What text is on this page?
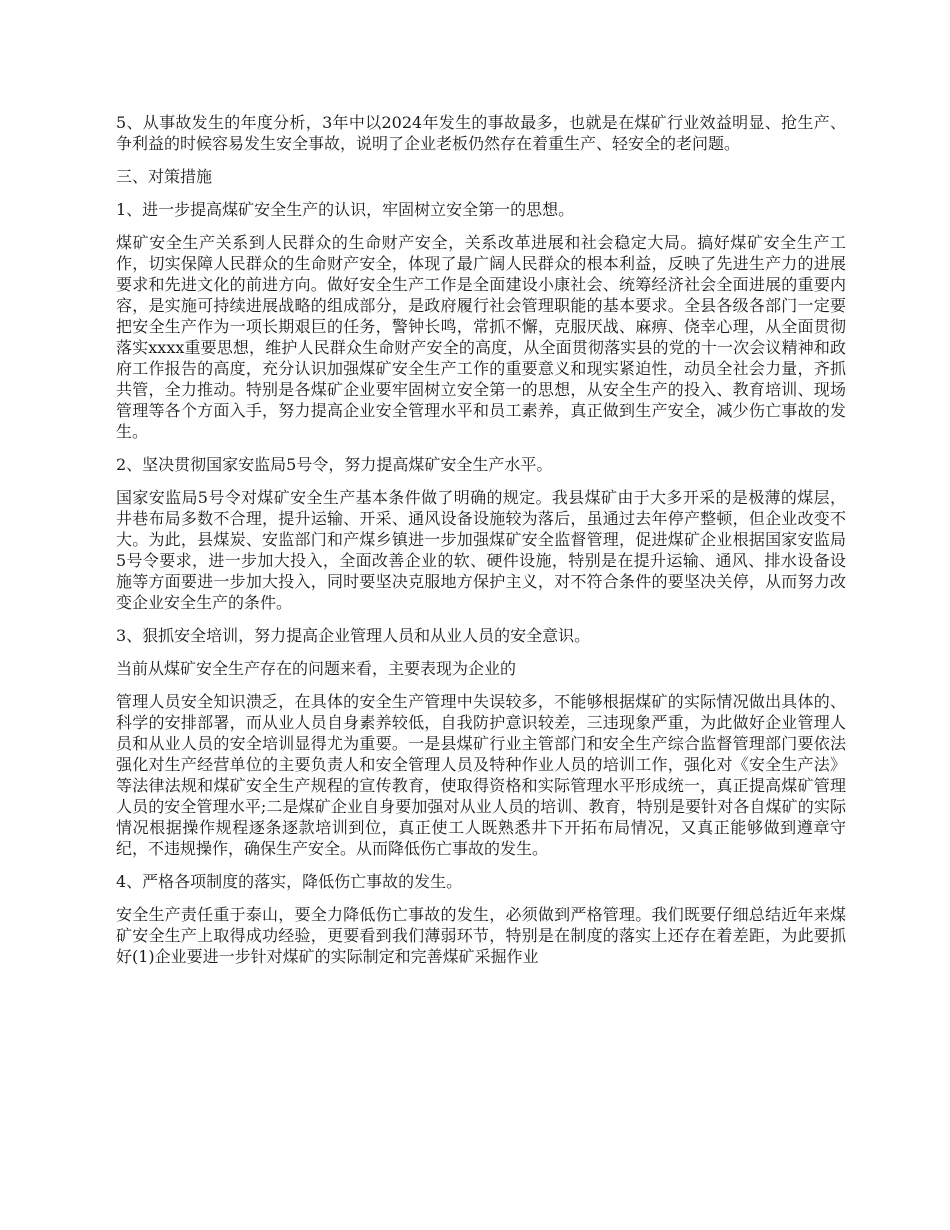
5、从事故发生的年度分析，3年中以2024年发生的事故最多，也就是在煤矿行业效益明显、抢生产、争利益的时候容易发生安全事故，说明了企业老板仍然存在着重生产、轻安全的老问题。

三、对策措施

1、进一步提高煤矿安全生产的认识，牢固树立安全第一的思想。

煤矿安全生产关系到人民群众的生命财产安全，关系改革进展和社会稳定大局。搞好煤矿安全生产工作，切实保障人民群众的生命财产安全，体现了最广阔人民群众的根本利益，反映了先进生产力的进展要求和先进文化的前进方向。做好安全生产工作是全面建设小康社会、统筹经济社会全面进展的重要内容，是实施可持续进展战略的组成部分，是政府履行社会管理职能的基本要求。全县各级各部门一定要把安全生产作为一项长期艰巨的任务，警钟长鸣，常抓不懈，克服厌战、麻痹、侥幸心理，从全面贯彻落实xxxx重要思想，维护人民群众生命财产安全的高度，从全面贯彻落实县的党的十一次会议精神和政府工作报告的高度，充分认识加强煤矿安全生产工作的重要意义和现实紧迫性，动员全社会力量，齐抓共管，全力推动。特别是各煤矿企业要牢固树立安全第一的思想，从安全生产的投入、教育培训、现场管理等各个方面入手，努力提高企业安全管理水平和员工素养，真正做到生产安全，减少伤亡事故的发生。

2、坚决贯彻国家安监局5号令，努力提高煤矿安全生产水平。

国家安监局5号令对煤矿安全生产基本条件做了明确的规定。我县煤矿由于大多开采的是极薄的煤层，井巷布局多数不合理，提升运输、开采、通风设备设施较为落后，虽通过去年停产整顿，但企业改变不大。为此，县煤炭、安监部门和产煤乡镇进一步加强煤矿安全监督管理，促进煤矿企业根据国家安监局5号令要求，进一步加大投入，全面改善企业的软、硬件设施，特别是在提升运输、通风、排水设备设施等方面要进一步加大投入，同时要坚决克服地方保护主义，对不符合条件的要坚决关停，从而努力改变企业安全生产的条件。

3、狠抓安全培训，努力提高企业管理人员和从业人员的安全意识。

当前从煤矿安全生产存在的问题来看，主要表现为企业的

管理人员安全知识溃乏，在具体的安全生产管理中失误较多，不能够根据煤矿的实际情况做出具体的、科学的安排部署，而从业人员自身素养较低，自我防护意识较差，三违现象严重，为此做好企业管理人员和从业人员的安全培训显得尤为重要。一是县煤矿行业主管部门和安全生产综合监督管理部门要依法强化对生产经营单位的主要负责人和安全管理人员及特种作业人员的培训工作，强化对《安全生产法》等法律法规和煤矿安全生产规程的宣传教育，使取得资格和实际管理水平形成统一，真正提高煤矿管理人员的安全管理水平;二是煤矿企业自身要加强对从业人员的培训、教育，特别是要针对各自煤矿的实际情况根据操作规程逐条逐款培训到位，真正使工人既熟悉井下开拓布局情况，又真正能够做到遵章守纪，不违规操作，确保生产安全。从而降低伤亡事故的发生。

4、严格各项制度的落实，降低伤亡事故的发生。

安全生产责任重于泰山，要全力降低伤亡事故的发生，必须做到严格管理。我们既要仔细总结近年来煤矿安全生产上取得成功经验，更要看到我们薄弱环节，特别是在制度的落实上还存在着差距，为此要抓好(1)企业要进一步针对煤矿的实际制定和完善煤矿采掘作业
